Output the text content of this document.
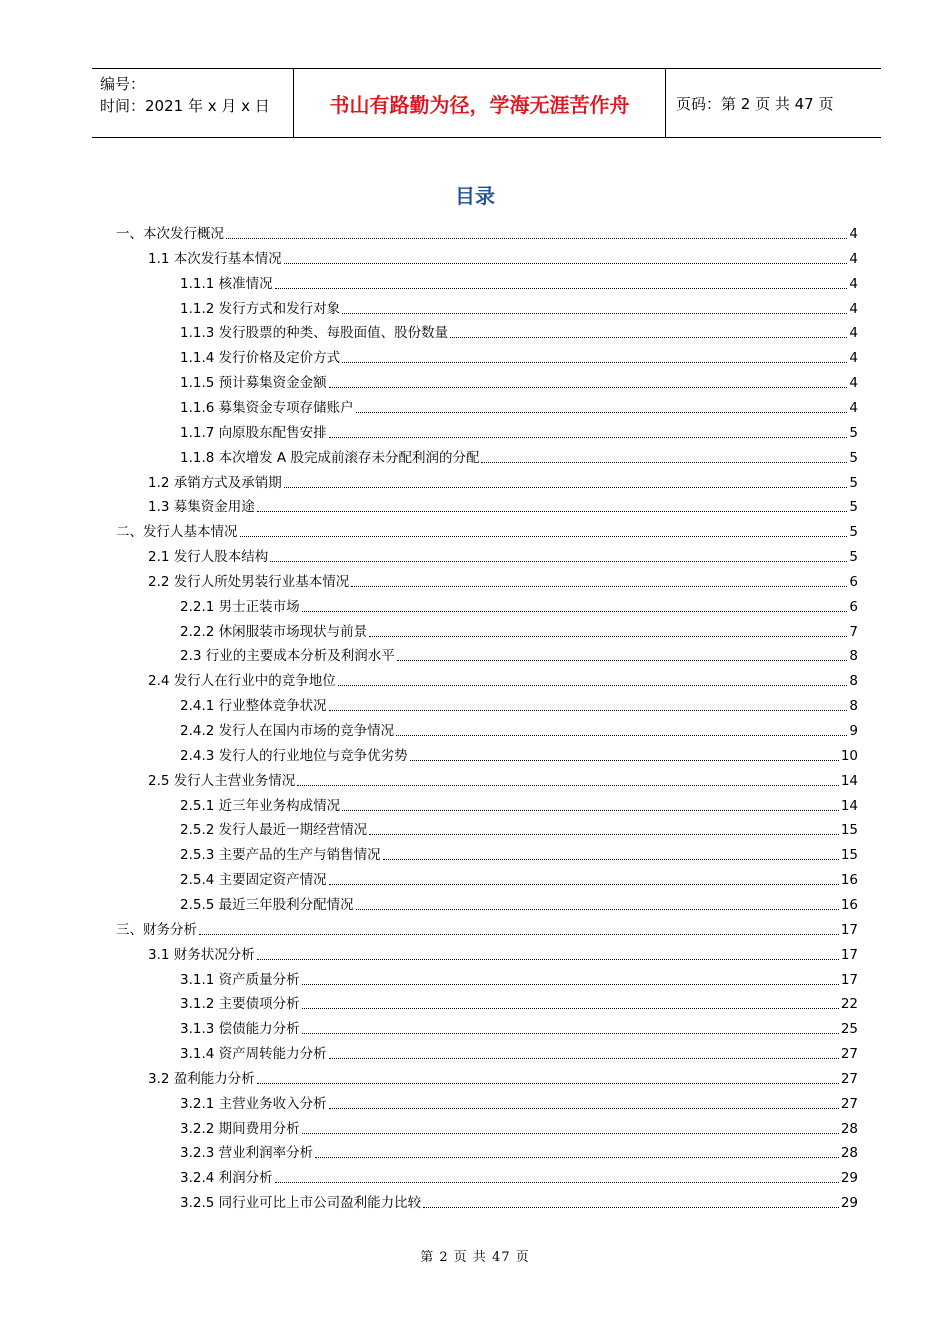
编号：
时间：2021 年 x 月 x 日	书山有路勤为径，学海无涯苦作舟	页码：第 2 页 共 47 页
目录
一、本次发行概况	4
1.1 本次发行基本情况	4
1.1.1 核准情况	4
1.1.2 发行方式和发行对象	4
1.1.3 发行股票的种类、每股面值、股份数量	4
1.1.4 发行价格及定价方式	4
1.1.5 预计募集资金金额	4
1.1.6 募集资金专项存储账户	4
1.1.7 向原股东配售安排	5
1.1.8 本次增发 A 股完成前滚存未分配利润的分配	5
1.2 承销方式及承销期	5
1.3 募集资金用途	5
二、发行人基本情况	5
2.1 发行人股本结构	5
2.2 发行人所处男装行业基本情况	6
2.2.1 男士正装市场	6
2.2.2 休闲服装市场现状与前景	7
2.3 行业的主要成本分析及利润水平	8
2.4 发行人在行业中的竞争地位	8
2.4.1 行业整体竞争状况	8
2.4.2 发行人在国内市场的竞争情况	9
2.4.3 发行人的行业地位与竞争优劣势	10
2.5 发行人主营业务情况	14
2.5.1 近三年业务构成情况	14
2.5.2 发行人最近一期经营情况	15
2.5.3 主要产品的生产与销售情况	15
2.5.4 主要固定资产情况	16
2.5.5 最近三年股利分配情况	16
三、财务分析	17
3.1 财务状况分析	17
3.1.1 资产质量分析	17
3.1.2 主要债项分析	22
3.1.3 偿债能力分析	25
3.1.4 资产周转能力分析	27
3.2 盈利能力分析	27
3.2.1 主营业务收入分析	27
3.2.2 期间费用分析	28
3.2.3 营业利润率分析	28
3.2.4 利润分析	29
3.2.5 同行业可比上市公司盈利能力比较	29
第 2 页 共 47 页
